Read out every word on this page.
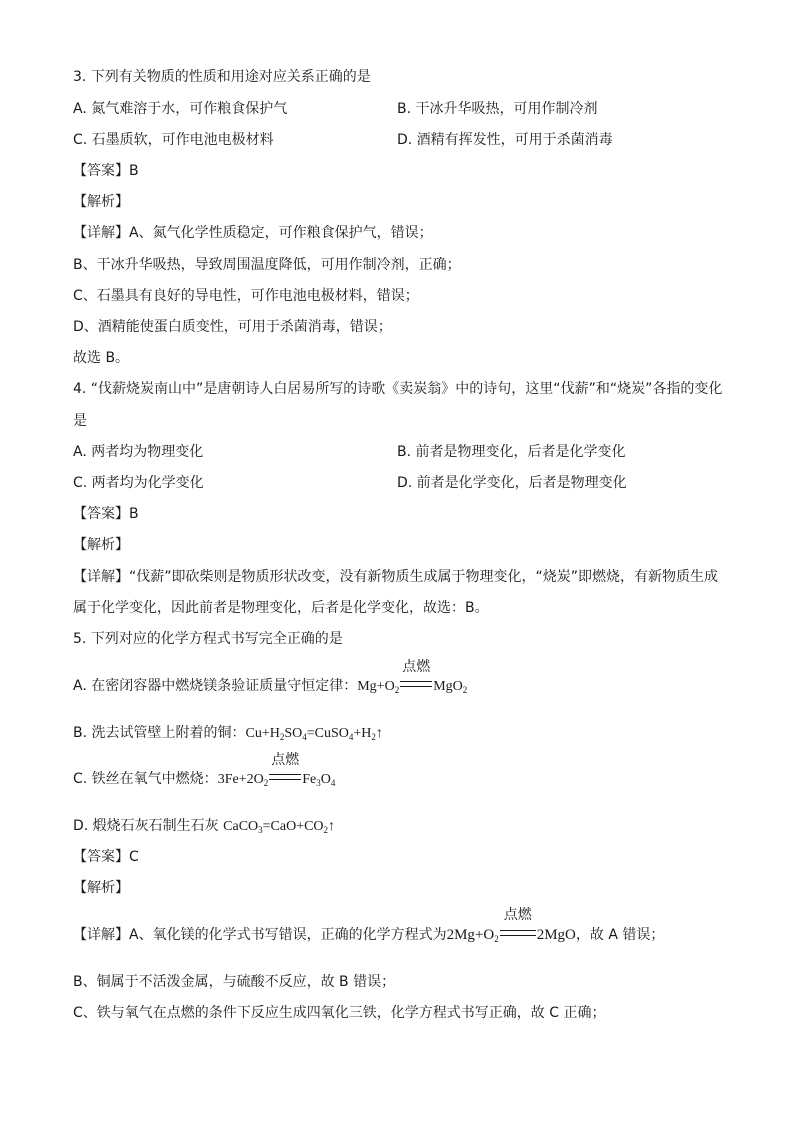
3. 下列有关物质的性质和用途对应关系正确的是
A. 氮气难溶于水，可作粮食保护气	B. 干冰升华吸热，可用作制冷剂
C. 石墨质软，可作电池电极材料	D. 酒精有挥发性，可用于杀菌消毒
【答案】B
【解析】
【详解】A、氮气化学性质稳定，可作粮食保护气，错误；
B、干冰升华吸热，导致周围温度降低，可用作制冷剂，正确；
C、石墨具有良好的导电性，可作电池电极材料，错误；
D、酒精能使蛋白质变性，可用于杀菌消毒，错误；
故选 B。
4. “伐薪烧炭南山中”是唐朝诗人白居易所写的诗歌《卖炭翁》中的诗句，这里“伐薪”和“烧炭”各指的变化
是
A. 两者均为物理变化	B. 前者是物理变化，后者是化学变化
C. 两者均为化学变化	D. 前者是化学变化，后者是物理变化
【答案】B
【解析】
【详解】“伐薪”即砍柴则是物质形状改变，没有新物质生成属于物理变化，“烧炭”即燃烧，有新物质生成
属于化学变化，因此前者是物理变化，后者是化学变化，故选：B。
5. 下列对应的化学方程式书写完全正确的是
A. 在密闭容器中燃烧镁条验证质量守恒定律：$Mg+O_2$
点燃
MgO$_2$
B. 洗去试管壁上附着的铜：$Cu+H_2SO_4=CuSO_4+H_2↑$
C. 铁丝在氧气中燃烧：$3Fe+2O_2$
点燃
$Fe_3O_4$
D. 煅烧石灰石制生石灰 $CaCO_3=CaO+CO_2↑$
【答案】C
【解析】
【详解】A、氧化镁的化学式书写错误，正确的化学方程式为$2Mg+O_2$
点燃
2MgO，故 A 错误；
B、铜属于不活泼金属，与硫酸不反应，故 B 错误；
C、铁与氧气在点燃的条件下反应生成四氧化三铁，化学方程式书写正确，故 C 正确；
